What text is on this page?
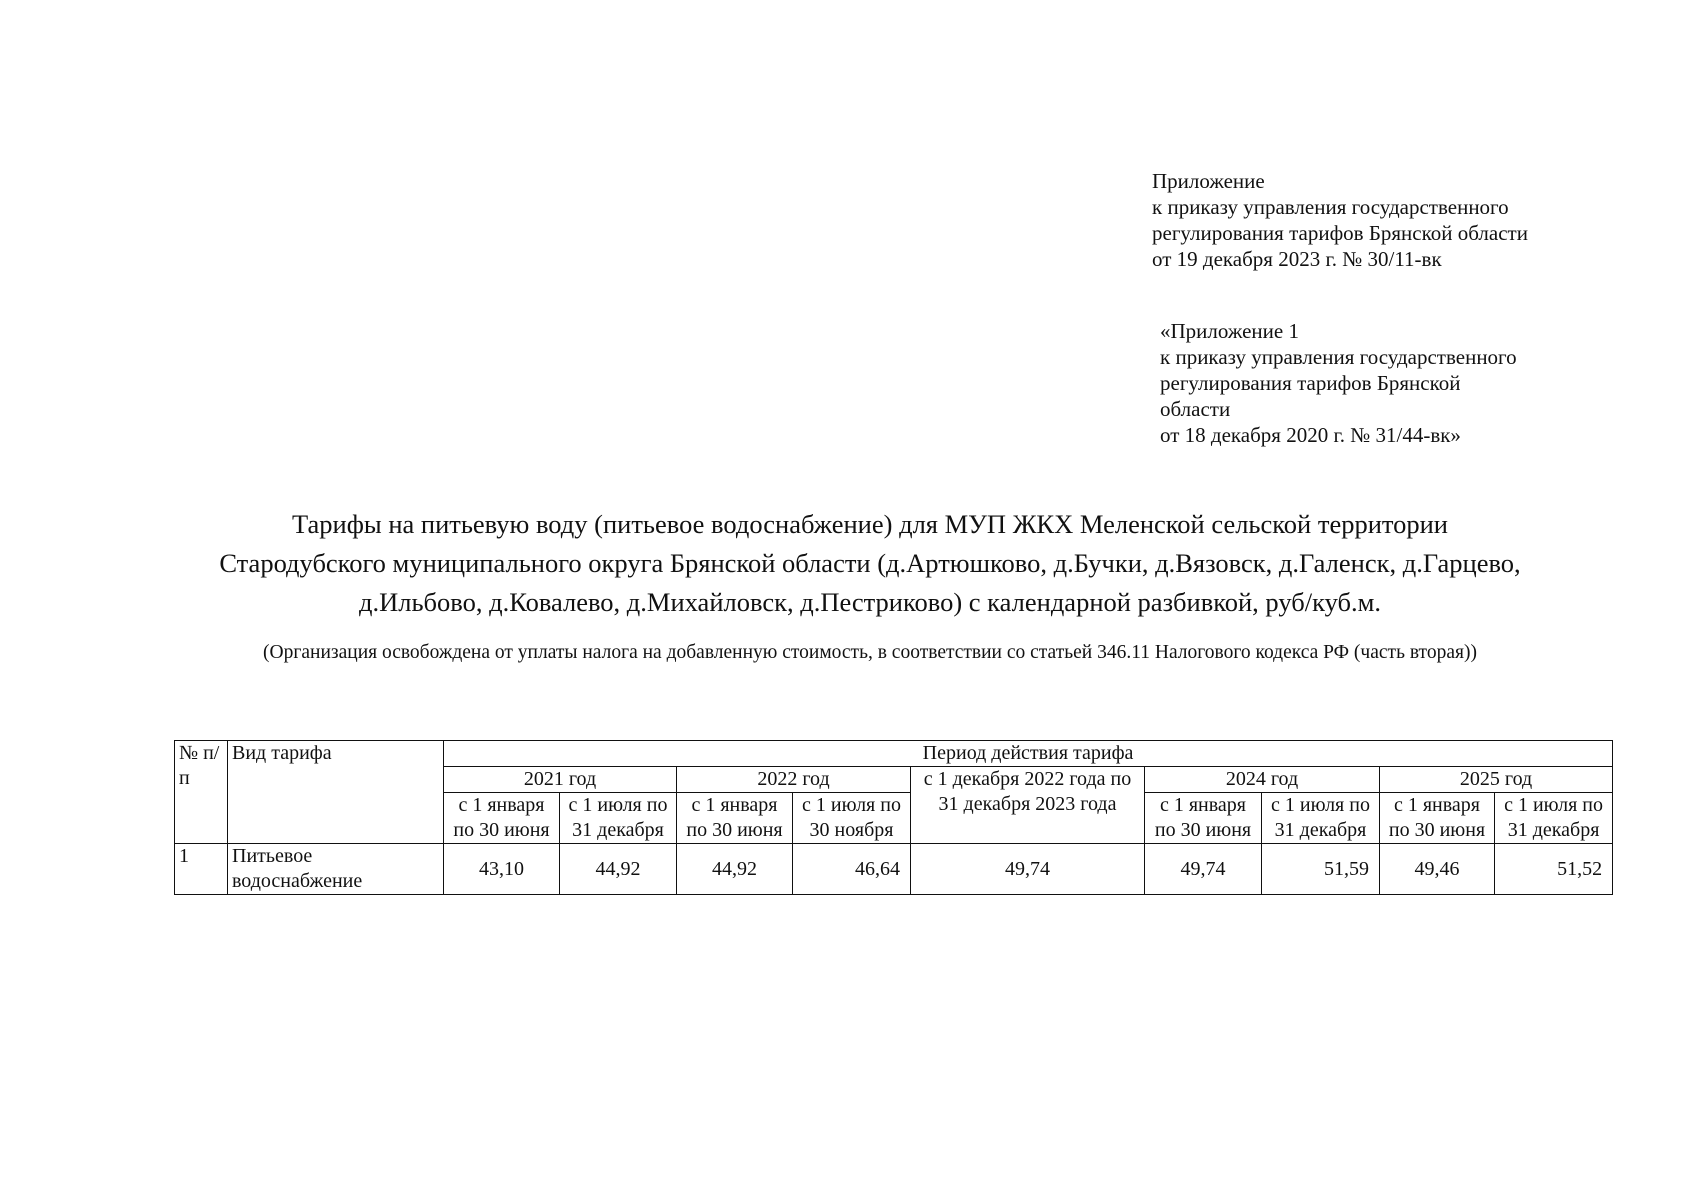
Приложение
к приказу управления государственного
регулирования тарифов Брянской области
от 19 декабря 2023 г. № 30/11-вк
«Приложение 1
к приказу управления государственного
регулирования тарифов Брянской
области
от 18 декабря 2020 г. № 31/44-вк»
Тарифы на питьевую воду (питьевое водоснабжение) для МУП ЖКХ Меленской сельской территории
Стародубского муниципального округа Брянской области (д.Артюшково, д.Бучки, д.Вязовск, д.Галенск, д.Гарцево,
д.Ильбово, д.Ковалево, д.Михайловск, д.Пестриково) с календарной разбивкой, руб/куб.м.
(Организация освобождена от уплаты налога на добавленную стоимость, в соответствии со статьей 346.11 Налогового кодекса РФ (часть вторая))
№ п/п	Вид тарифа	Период действия тарифа								
		2021 год		2022 год		с 1 декабря 2022 года по 31 декабря 2023 года	2024 год		2025 год	
		с 1 января по 30 июня	с 1 июля по 31 декабря	с 1 января по 30 июня	с 1 июля по 30 ноября		с 1 января по 30 июня	с 1 июля по 31 декабря	с 1 января по 30 июня	с 1 июля по 31 декабря
1	Питьевое водоснабжение	43,10	44,92	44,92	46,64	49,74	49,74	51,59	49,46	51,52
